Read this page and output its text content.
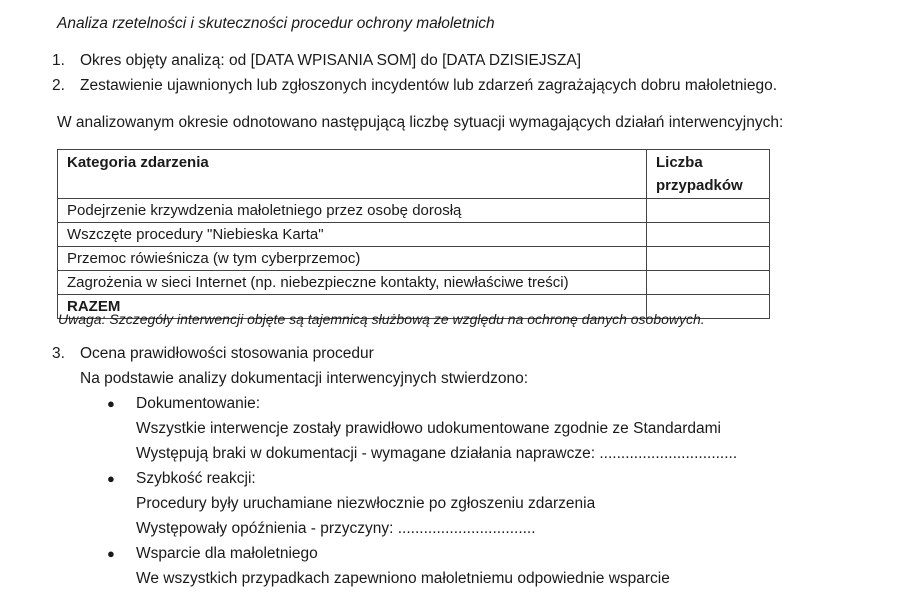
Analiza rzetelności i skuteczności procedur ochrony małoletnich
1. Okres objęty analizą: od [DATA WPISANIA SOM] do [DATA DZISIEJSZA]
2. Zestawienie ujawnionych lub zgłoszonych incydentów lub zdarzeń zagrażających dobru małoletniego.
W analizowanym okresie odnotowano następującą liczbę sytuacji wymagających działań interwencyjnych:
Kategoria zdarzenia	Liczba przypadków
Podejrzenie krzywdzenia małoletniego przez osobę dorosłą	
Wszczęte procedury "Niebieska Karta"	
Przemoc rówieśnicza (w tym cyberprzemoc)	
Zagrożenia w sieci Internet (np. niebezpieczne kontakty, niewłaściwe treści)	
RAZEM	
Uwaga: Szczegóły interwencji objęte są tajemnicą służbową ze względu na ochronę danych osobowych.
3. Ocena prawidłowości stosowania procedur
Na podstawie analizy dokumentacji interwencyjnych stwierdzono:
● Dokumentowanie:
Wszystkie interwencje zostały prawidłowo udokumentowane zgodnie ze Standardami
Występują braki w dokumentacji - wymagane działania naprawcze: ................................
● Szybkość reakcji:
Procedury były uruchamiane niezwłocznie po zgłoszeniu zdarzenia
Występowały opóźnienia - przyczyny: ................................
● Wsparcie dla małoletniego
We wszystkich przypadkach zapewniono małoletniemu odpowiednie wsparcie
